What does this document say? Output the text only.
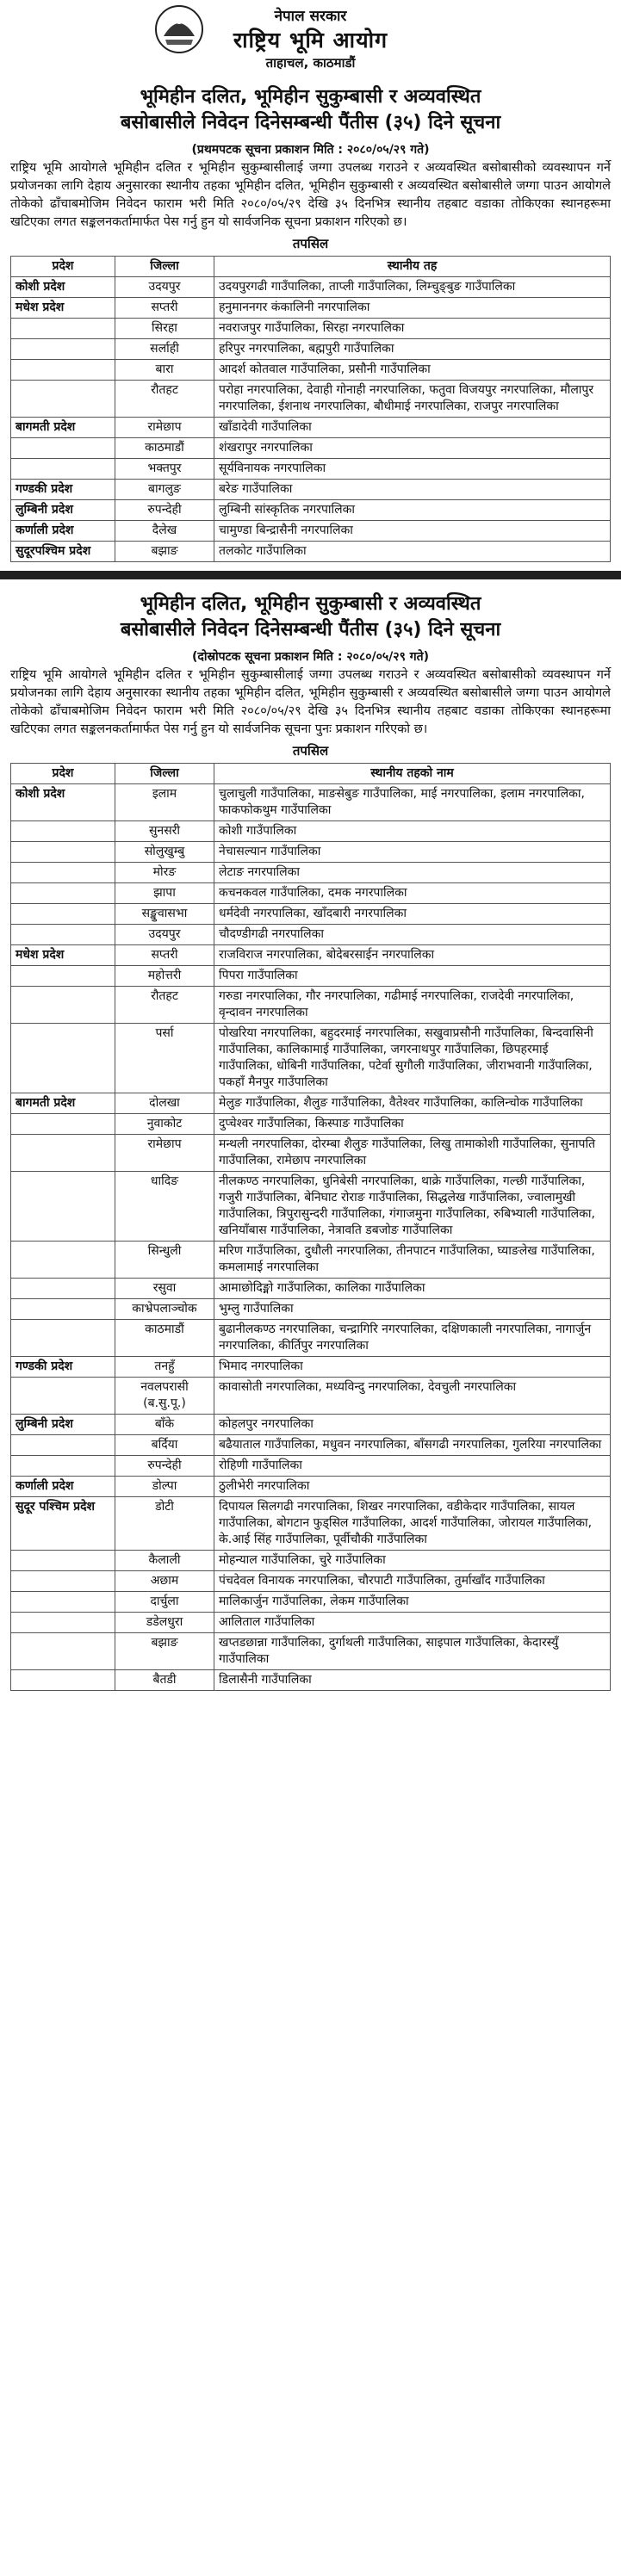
नेपाल सरकार
राष्ट्रिय भूमि आयोग
ताहाचल, काठमाडौं
भूमिहीन दलित, भूमिहीन सुकुम्बासी र अव्यवस्थित
बसोबासीले निवेदन दिनेसम्बन्धी पैंतीस (३५) दिने सूचना
(प्रथमपटक सूचना प्रकाशन मिति : २०८०/०५/२९ गते)
राष्ट्रिय भूमि आयोगले भूमिहीन दलित र भूमिहीन सुकुम्बासीलाई जग्गा उपलब्ध गराउने र अव्यवस्थित बसोबासीको व्यवस्थापन गर्ने प्रयोजनका लागि देहाय अनुसारका स्थानीय तहका भूमिहीन दलित, भूमिहीन सुकुम्बासी र अव्यवस्थित बसोबासीले जग्गा पाउन आयोगले तोकेको ढाँचाबमोजिम निवेदन फाराम भरी मिति २०८०/०५/२९ देखि ३५ दिनभित्र स्थानीय तहबाट वडाका तोकिएका स्थानहरूमा खटिएका लगत सङ्कलनकर्तामार्फत पेस गर्नु हुन यो सार्वजनिक सूचना प्रकाशन गरिएको छ।
तपसिल
प्रदेश	जिल्ला	स्थानीय तह
कोशी प्रदेश	उदयपुर	उदयपुरगढी गाउँपालिका, ताप्ली गाउँपालिका, लिम्चुङ्बुङ गाउँपालिका
मधेश प्रदेश	सप्तरी	हनुमाननगर कंकालिनी नगरपालिका
	सिरहा	नवराजपुर गाउँपालिका, सिरहा नगरपालिका
	सर्लाही	हरिपुर नगरपालिका, बह्मपुरी गाउँपालिका
	बारा	आदर्श कोतवाल गाउँपालिका, प्रसौनी गाउँपालिका
	रौतहट	परोहा नगरपालिका, देवाही गोनाही नगरपालिका, फतुवा विजयपुर नगरपालिका, मौलापुर नगरपालिका, ईशनाथ नगरपालिका, बौधीमाई नगरपालिका, राजपुर नगरपालिका
बागमती प्रदेश	रामेछाप	खाँडादेवी गाउँपालिका
	काठमाडौं	शंखरापुर नगरपालिका
	भक्तपुर	सूर्यविनायक नगरपालिका
गण्डकी प्रदेश	बागलुङ	बरेङ गाउँपालिका
लुम्बिनी प्रदेश	रुपन्देही	लुम्बिनी सांस्कृतिक नगरपालिका
कर्णाली प्रदेश	दैलेख	चामुण्डा बिन्द्रासैनी नगरपालिका
सुदूरपश्चिम प्रदेश	बझाङ	तलकोट गाउँपालिका
भूमिहीन दलित, भूमिहीन सुकुम्बासी र अव्यवस्थित
बसोबासीले निवेदन दिनेसम्बन्धी पैंतीस (३५) दिने सूचना
(दोस्रोपटक सूचना प्रकाशन मिति : २०८०/०५/२९ गते)
राष्ट्रिय भूमि आयोगले भूमिहीन दलित र भूमिहीन सुकुम्बासीलाई जग्गा उपलब्ध गराउने र अव्यवस्थित बसोबासीको व्यवस्थापन गर्ने प्रयोजनका लागि देहाय अनुसारका स्थानीय तहका भूमिहीन दलित, भूमिहीन सुकुम्बासी र अव्यवस्थित बसोबासीले जग्गा पाउन आयोगले तोकेको ढाँचाबमोजिम निवेदन फाराम भरी मिति २०८०/०५/२९ देखि ३५ दिनभित्र स्थानीय तहबाट वडाका तोकिएका स्थानहरूमा खटिएका लगत सङ्कलनकर्तामार्फत पेस गर्नु हुन यो सार्वजनिक सूचना पुनः प्रकाशन गरिएको छ।
तपसिल
प्रदेश	जिल्ला	स्थानीय तहको नाम
कोशी प्रदेश	इलाम	चुलाचुली गाउँपालिका, माङसेबुङ गाउँपालिका, माई नगरपालिका, इलाम नगरपालिका, फाकफोकथुम गाउँपालिका
	सुनसरी	कोशी गाउँपालिका
	सोलुखुम्बु	नेचासल्यान गाउँपालिका
	मोरङ	लेटाङ नगरपालिका
	झापा	कचनकवल गाउँपालिका, दमक नगरपालिका
	सङ्खुवासभा	धर्मदेवी नगरपालिका, खाँदबारी नगरपालिका
	उदयपुर	चौदण्डीगढी नगरपालिका
मधेश प्रदेश	सप्तरी	राजविराज नगरपालिका, बोदेबरसाईन नगरपालिका
	महोत्तरी	पिपरा गाउँपालिका
	रौतहट	गरुडा नगरपालिका, गौर नगरपालिका, गढीमाई नगरपालिका, राजदेवी नगरपालिका, वृन्दावन नगरपालिका
	पर्सा	पोखरिया नगरपालिका, बहुदरमाई नगरपालिका, सखुवाप्रसौनी गाउँपालिका, बिन्दवासिनी गाउँपालिका, कालिकामाई गाउँपालिका, जगरनाथपुर गाउँपालिका, छिपहरमाई गाउँपालिका, धोबिनी गाउँपालिका, पटेर्वा सुगौली गाउँपालिका, जीराभवानी गाउँपालिका, पकहाँ मैनपुर गाउँपालिका
बागमती प्रदेश	दोलखा	मेलुङ गाउँपालिका, शैलुङ गाउँपालिका, वैतेश्वर गाउँपालिका, कालिन्चोक गाउँपालिका
	नुवाकोट	दुप्चेश्वर गाउँपालिका, किस्पाङ गाउँपालिका
	रामेछाप	मन्थली नगरपालिका, दोरम्बा शैलुङ गाउँपालिका, लिखु तामाकोशी गाउँपालिका, सुनापति गाउँपालिका, रामेछाप नगरपालिका
	धादिङ	नीलकण्ठ नगरपालिका, धुनिबेसी नगरपालिका, थाक्रे गाउँपालिका, गल्छी गाउँपालिका, गजुरी गाउँपालिका, बेनिघाट रोराङ गाउँपालिका, सिद्धलेख गाउँपालिका, ज्वालामुखी गाउँपालिका, त्रिपुरासुन्दरी गाउँपालिका, गंगाजमुना गाउँपालिका, रुबिभ्याली गाउँपालिका, खनियाँबास गाउँपालिका, नेत्रावति डबजोङ गाउँपालिका
	सिन्धुली	मरिण गाउँपालिका, दुधौली नगरपालिका, तीनपाटन गाउँपालिका, घ्याङलेख गाउँपालिका, कमलामाई नगरपालिका
	रसुवा	आमाछोदिङ्मो गाउँपालिका, कालिका गाउँपालिका
	काभ्रेपलाञ्चोक	भुम्लु गाउँपालिका
	काठमाडौं	बुढानीलकण्ठ नगरपालिका, चन्द्रागिरि नगरपालिका, दक्षिणकाली नगरपालिका, नागार्जुन नगरपालिका, कीर्तिपुर नगरपालिका
गण्डकी प्रदेश	तनहुँ	भिमाद नगरपालिका
	नवलपरासी (ब.सु.पू.)	कावासोती नगरपालिका, मध्यविन्दु नगरपालिका, देवचुली नगरपालिका
लुम्बिनी प्रदेश	बाँके	कोहलपुर नगरपालिका
	बर्दिया	बढैयाताल गाउँपालिका, मधुवन नगरपालिका, बाँसगढी नगरपालिका, गुलरिया नगरपालिका
	रुपन्देही	रोहिणी गाउँपालिका
कर्णाली प्रदेश	डोल्पा	ठुलीभेरी नगरपालिका
सुदूर पश्चिम प्रदेश	डोटी	दिपायल सिलगढी नगरपालिका, शिखर नगरपालिका, वडीकेदार गाउँपालिका, सायल गाउँपालिका, बोगटान फुड्सिल गाउँपालिका, आदर्श गाउँपालिका, जोरायल गाउँपालिका, के.आई सिंह गाउँपालिका, पूर्वीचौकी गाउँपालिका
	कैलाली	मोहन्याल गाउँपालिका, चुरे गाउँपालिका
	अछाम	पंचदेवल विनायक नगरपालिका, चौरपाटी गाउँपालिका, तुर्माखाँद गाउँपालिका
	दार्चुला	मालिकार्जुन गाउँपालिका, लेकम गाउँपालिका
	डडेलधुरा	आलिताल गाउँपालिका
	बझाङ	खप्तडछान्ना गाउँपालिका, दुर्गाथली गाउँपालिका, साइपाल गाउँपालिका, केदारस्युँ गाउँपालिका
	बैतडी	डिलासैनी गाउँपालिका
